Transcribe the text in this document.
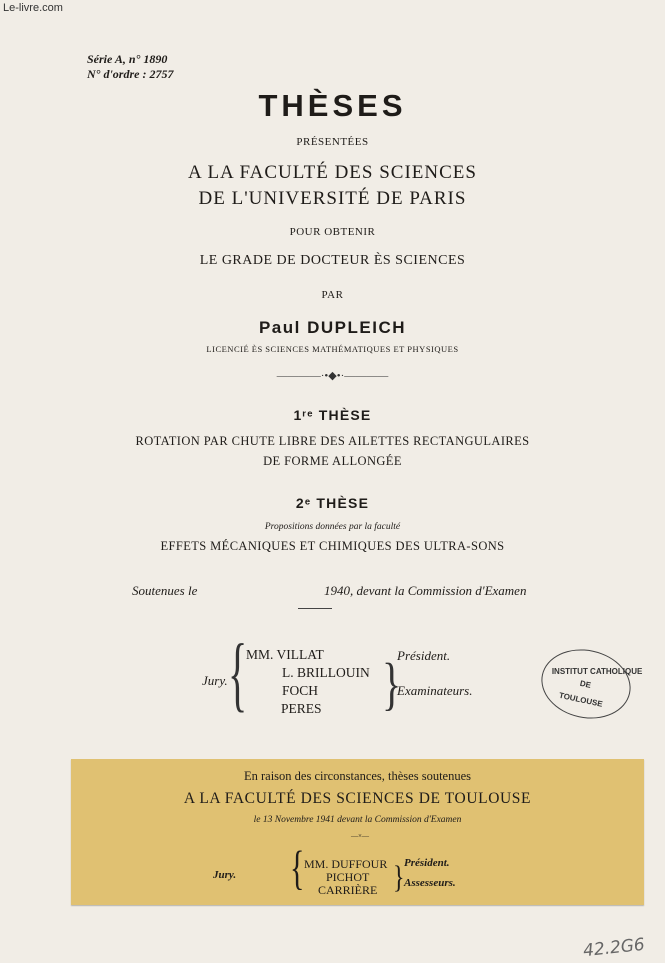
Le-livre.com
Série A, n° 1890
N° d'ordre : 2757
THÈSES
PRÉSENTÉES
A LA FACULTÉ DES SCIENCES
DE L'UNIVERSITÉ DE PARIS
POUR OBTENIR
LE GRADE DE DOCTEUR ÈS SCIENCES
PAR
Paul DUPLEICH
LICENCIÉ ÈS SCIENCES MATHÉMATIQUES ET PHYSIQUES
————·•◆•·————
1ʳᵉ THÈSE
ROTATION PAR CHUTE LIBRE DES AILETTES RECTANGULAIRES
DE FORME ALLONGÉE
2ᵉ THÈSE
Propositions données par la faculté
EFFETS MÉCANIQUES ET CHIMIQUES DES ULTRA-SONS
Soutenues le	1940, devant la Commission d'Examen
Jury. {
MM. VILLAT
L. BRILLOUIN
FOCH
PERES }
Président.
Examinateurs.
INSTITUT CATHOLIQUE
DE
TOULOUSE
En raison des circonstances, thèses soutenues
A LA FACULTÉ DES SCIENCES DE TOULOUSE
le 13 Novembre 1941 devant la Commission d'Examen
—×—
Jury. { MM. DUFFOUR
PICHOT
CARRIÈRE } Président.
Assesseurs.
42.2G6
